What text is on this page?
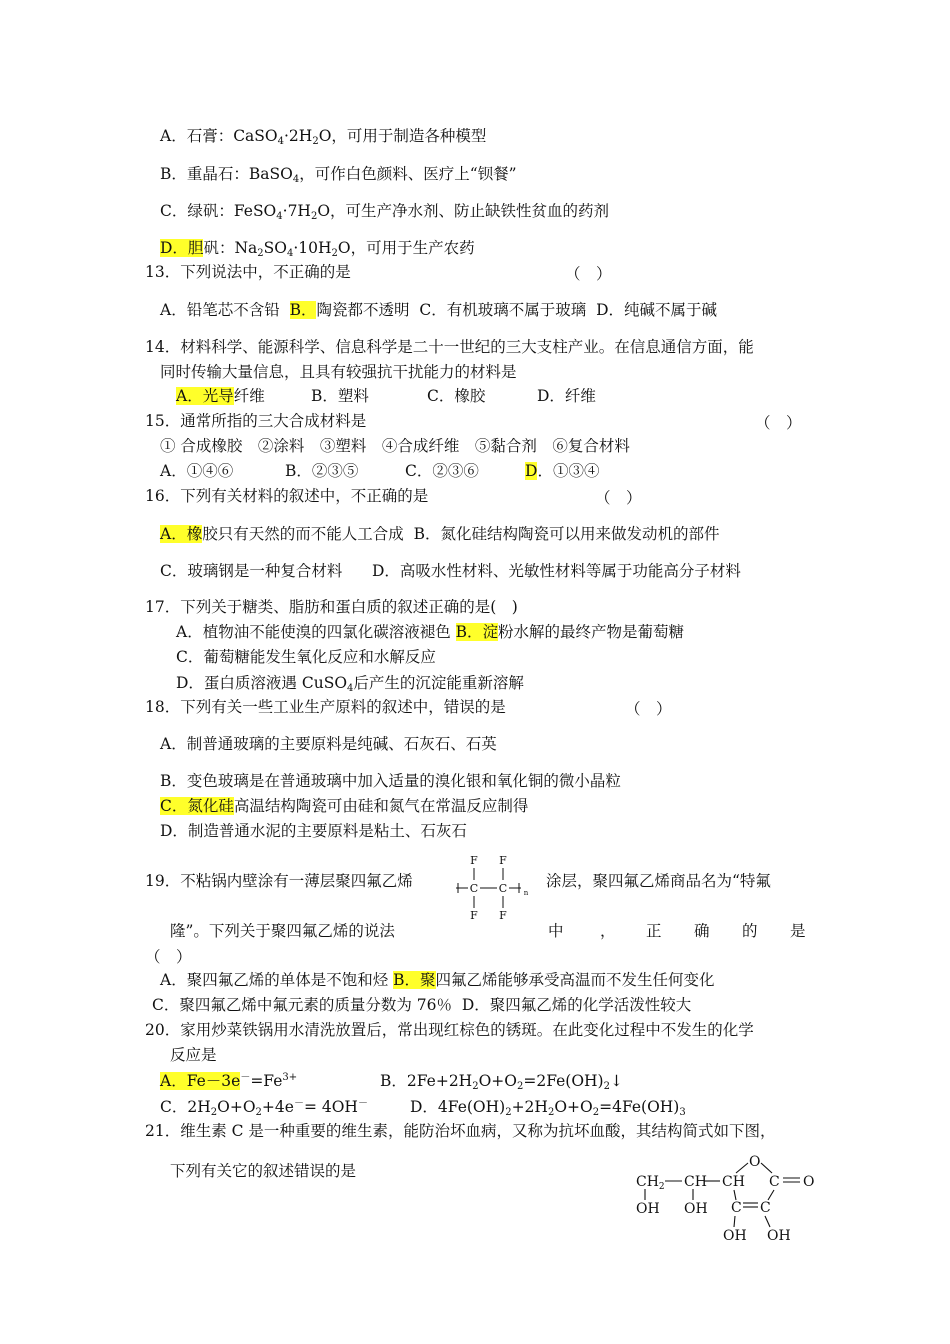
A．石膏：$CaSO_4\cdot 2H_2O$，可用于制造各种模型
B．重晶石：BaSO$_4$，可作白色颜料、医疗上“钡餐”
C．绿矾：$FeSO_4\cdot 7H_2O$，可生产净水剂、防止缺铁性贫血的药剂
D．胆矾：$Na_2SO_4\cdot 10H_2O$，可用于生产农药
13．下列说法中，不正确的是	（　）
A．铅笔芯不含铅 B．陶瓷都不透明 C．有机玻璃不属于玻璃 D．纯碱不属于碱
14．材料科学、能源科学、信息科学是二十一世纪的三大支柱产业。在信息通信方面，能
同时传输大量信息，且具有较强抗干扰能力的材料是
A．光导纤维	B．塑料	C．橡胶	D．纤维
15．通常所指的三大合成材料是	（　）
① 合成橡胶　②涂料　③塑料　④合成纤维　⑤黏合剂　⑥复合材料
A．①④⑥	B．②③⑤	C．②③⑥	D．①③④
16．下列有关材料的叙述中，不正确的是	（　）
A．橡胶只有天然的而不能人工合成 B．氮化硅结构陶瓷可以用来做发动机的部件
C．玻璃钢是一种复合材料 D．高吸水性材料、光敏性材料等属于功能高分子材料
17．下列关于糖类、脂肪和蛋白质的叙述正确的是(　)
A．植物油不能使溴的四氯化碳溶液褪色 B．淀粉水解的最终产物是葡萄糖
C．葡萄糖能发生氧化反应和水解反应
D．蛋白质溶液遇 CuSO$_4$后产生的沉淀能重新溶解
18．下列有关一些工业生产原料的叙述中，错误的是	（　）
A．制普通玻璃的主要原料是纯碱、石灰石、石英
B．变色玻璃是在普通玻璃中加入适量的溴化银和氧化铜的微小晶粒
C．氮化硅高温结构陶瓷可由硅和氮气在常温反应制得
D．制造普通水泥的主要原料是粘土、石灰石
19．不粘锅内壁涂有一薄层聚四氟乙烯
F F
C C
F F
n
涂层，聚四氟乙烯商品名为“特氟
隆”。下列关于聚四氟乙烯的说法	中 ， 正 确 的 是
（　）
A．聚四氟乙烯的单体是不饱和烃 B．聚四氟乙烯能够承受高温而不发生任何变化
C．聚四氟乙烯中氟元素的质量分数为 76％ D．聚四氟乙烯的化学活泼性较大
20．家用炒菜铁锅用水清洗放置后，常出现红棕色的锈斑。在此变化过程中不发生的化学
反应是
A．$Fe-3e^-=Fe^{3+}$	B．$2Fe+2H_2O+O_2=2Fe(OH)_2↓$
C．$2H_2O+O_2+4e^-= 4OH^-$	D．$4Fe(OH)_2+2H_2O+O_2=4Fe(OH)_3$
21．维生素 C 是一种重要的维生素，能防治坏血病，又称为抗坏血酸，其结构简式如下图，
下列有关它的叙述错误的是	O
$CH_2$ CH CH C O
OH OH C C
OH OH
